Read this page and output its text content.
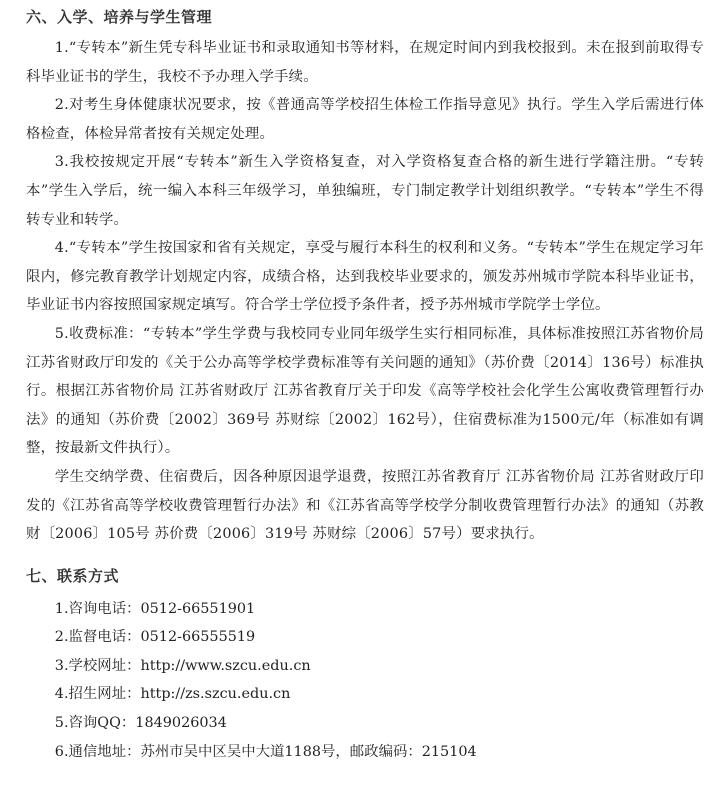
六、入学、培养与学生管理

1.“专转本”新生凭专科毕业证书和录取通知书等材料，在规定时间内到我校报到。未在报到前取得专科毕业证书的学生，我校不予办理入学手续。

2.对考生身体健康状况要求，按《普通高等学校招生体检工作指导意见》执行。学生入学后需进行体格检查，体检异常者按有关规定处理。

3.我校按规定开展“专转本”新生入学资格复查，对入学资格复查合格的新生进行学籍注册。“专转本”学生入学后，统一编入本科三年级学习，单独编班，专门制定教学计划组织教学。“专转本”学生不得转专业和转学。

4.“专转本”学生按国家和省有关规定，享受与履行本科生的权利和义务。“专转本”学生在规定学习年限内，修完教育教学计划规定内容，成绩合格，达到我校毕业要求的，颁发苏州城市学院本科毕业证书，毕业证书内容按照国家规定填写。符合学士学位授予条件者，授予苏州城市学院学士学位。

5.收费标准：“专转本”学生学费与我校同专业同年级学生实行相同标准，具体标准按照江苏省物价局 江苏省财政厅印发的《关于公办高等学校学费标准等有关问题的通知》（苏价费〔2014〕136号）标准执行。根据江苏省物价局 江苏省财政厅 江苏省教育厅关于印发《高等学校社会化学生公寓收费管理暂行办法》的通知（苏价费〔2002〕369号 苏财综〔2002〕162号），住宿费标准为1500元/年（标准如有调整，按最新文件执行）。

学生交纳学费、住宿费后，因各种原因退学退费，按照江苏省教育厅 江苏省物价局 江苏省财政厅印发的《江苏省高等学校收费管理暂行办法》和《江苏省高等学校学分制收费管理暂行办法》的通知（苏教财〔2006〕105号 苏价费〔2006〕319号 苏财综〔2006〕57号）要求执行。

七、联系方式
1.咨询电话：0512-66551901
2.监督电话：0512-66555519
3.学校网址：http://www.szcu.edu.cn
4.招生网址：http://zs.szcu.edu.cn
5.咨询QQ：1849026034
6.通信地址：苏州市吴中区吴中大道1188号，邮政编码：215104
